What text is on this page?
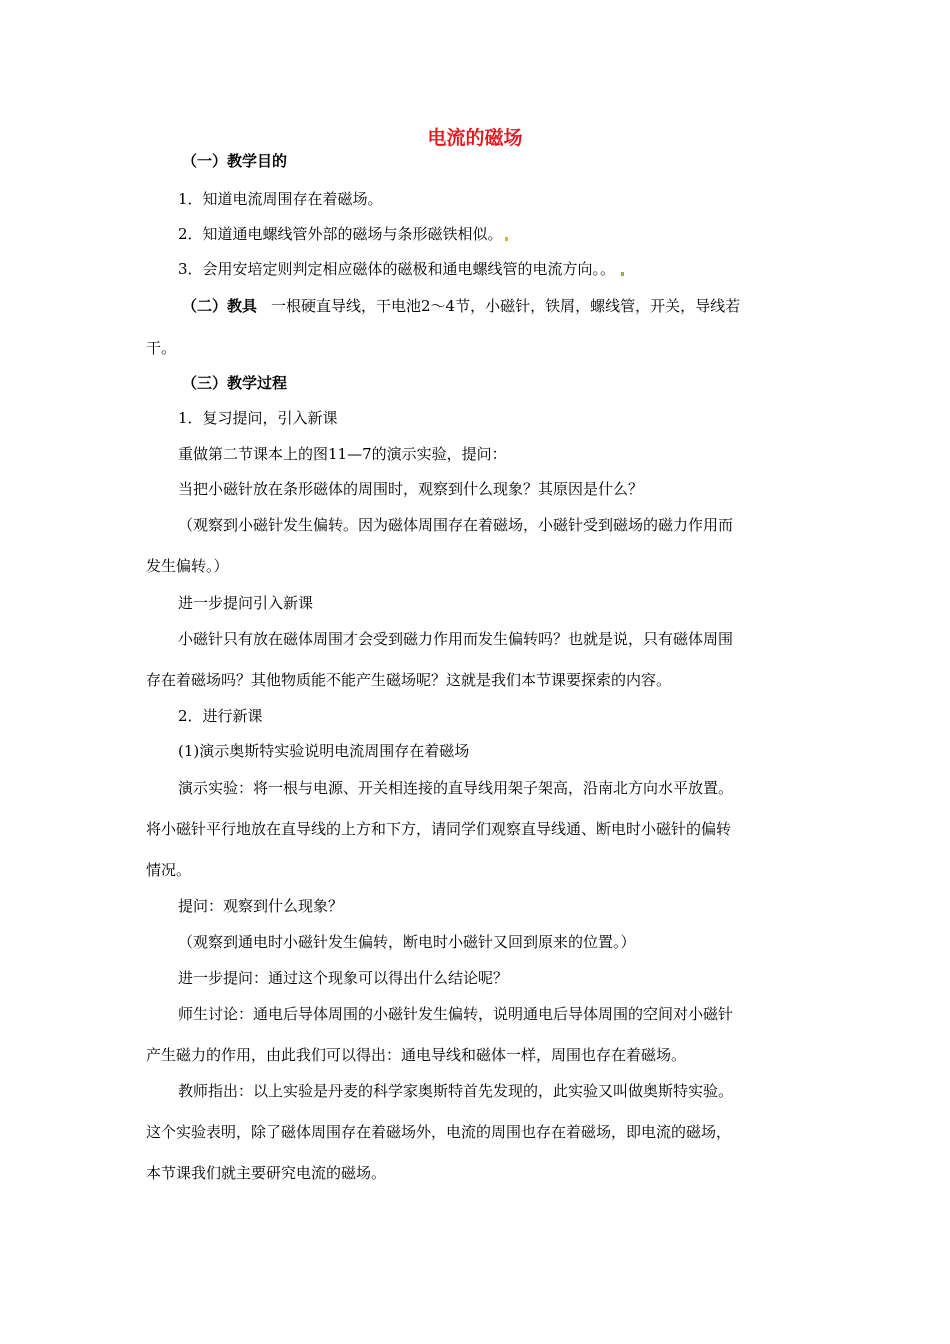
电流的磁场
（一）教学目的
1．知道电流周围存在着磁场。
2．知道通电螺线管外部的磁场与条形磁铁相似。
3．会用安培定则判定相应磁体的磁极和通电螺线管的电流方向。。
（二）教具 一根硬直导线，干电池2～4节，小磁针，铁屑，螺线管，开关，导线若
干。
（三）教学过程
1．复习提问，引入新课
重做第二节课本上的图11—7的演示实验，提问：
当把小磁针放在条形磁体的周围时，观察到什么现象？其原因是什么？
（观察到小磁针发生偏转。因为磁体周围存在着磁场，小磁针受到磁场的磁力作用而
发生偏转。）
进一步提问引入新课
小磁针只有放在磁体周围才会受到磁力作用而发生偏转吗？也就是说，只有磁体周围
存在着磁场吗？其他物质能不能产生磁场呢？这就是我们本节课要探索的内容。
2．进行新课
(1)演示奥斯特实验说明电流周围存在着磁场
演示实验：将一根与电源、开关相连接的直导线用架子架高，沿南北方向水平放置。
将小磁针平行地放在直导线的上方和下方，请同学们观察直导线通、断电时小磁针的偏转
情况。
提问：观察到什么现象？
（观察到通电时小磁针发生偏转，断电时小磁针又回到原来的位置。）
进一步提问：通过这个现象可以得出什么结论呢？
师生讨论：通电后导体周围的小磁针发生偏转，说明通电后导体周围的空间对小磁针
产生磁力的作用，由此我们可以得出：通电导线和磁体一样，周围也存在着磁场。
教师指出：以上实验是丹麦的科学家奥斯特首先发现的，此实验又叫做奥斯特实验。
这个实验表明，除了磁体周围存在着磁场外，电流的周围也存在着磁场，即电流的磁场，
本节课我们就主要研究电流的磁场。
